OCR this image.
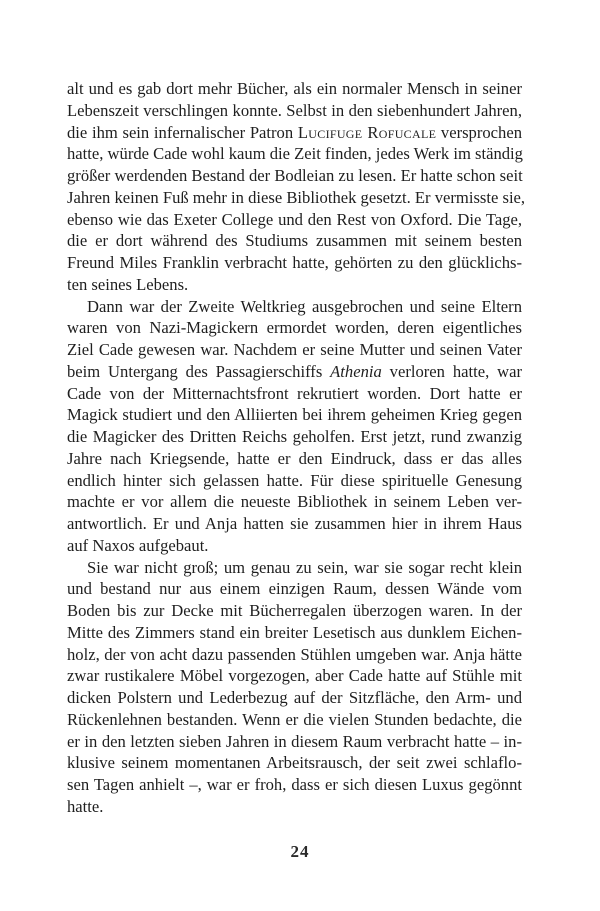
alt und es gab dort mehr Bücher, als ein normaler Mensch in seiner
Lebenszeit verschlingen konnte. Selbst in den siebenhundert Jahren,
die ihm sein infernalischer Patron Lucifuge Rofucale versprochen
hatte, würde Cade wohl kaum die Zeit finden, jedes Werk im ständig
größer werdenden Bestand der Bodleian zu lesen. Er hatte schon seit
Jahren keinen Fuß mehr in diese Bibliothek gesetzt. Er vermisste sie,
ebenso wie das Exeter College und den Rest von Oxford. Die Tage,
die er dort während des Studiums zusammen mit seinem besten
Freund Miles Franklin verbracht hatte, gehörten zu den glücklichs-
ten seines Lebens.
Dann war der Zweite Weltkrieg ausgebrochen und seine Eltern
waren von Nazi-Magickern ermordet worden, deren eigentliches
Ziel Cade gewesen war. Nachdem er seine Mutter und seinen Vater
beim Untergang des Passagierschiffs Athenia verloren hatte, war
Cade von der Mitternachtsfront rekrutiert worden. Dort hatte er
Magick studiert und den Alliierten bei ihrem geheimen Krieg gegen
die Magicker des Dritten Reichs geholfen. Erst jetzt, rund zwanzig
Jahre nach Kriegsende, hatte er den Eindruck, dass er das alles
endlich hinter sich gelassen hatte. Für diese spirituelle Genesung
machte er vor allem die neueste Bibliothek in seinem Leben ver-
antwortlich. Er und Anja hatten sie zusammen hier in ihrem Haus
auf Naxos aufgebaut.
Sie war nicht groß; um genau zu sein, war sie sogar recht klein
und bestand nur aus einem einzigen Raum, dessen Wände vom
Boden bis zur Decke mit Bücherregalen überzogen waren. In der
Mitte des Zimmers stand ein breiter Lesetisch aus dunklem Eichen-
holz, der von acht dazu passenden Stühlen umgeben war. Anja hätte
zwar rustikalere Möbel vorgezogen, aber Cade hatte auf Stühle mit
dicken Polstern und Lederbezug auf der Sitzfläche, den Arm- und
Rückenlehnen bestanden. Wenn er die vielen Stunden bedachte, die
er in den letzten sieben Jahren in diesem Raum verbracht hatte – in-
klusive seinem momentanen Arbeitsrausch, der seit zwei schlaflo-
sen Tagen anhielt –, war er froh, dass er sich diesen Luxus gegönnt
hatte.
24
